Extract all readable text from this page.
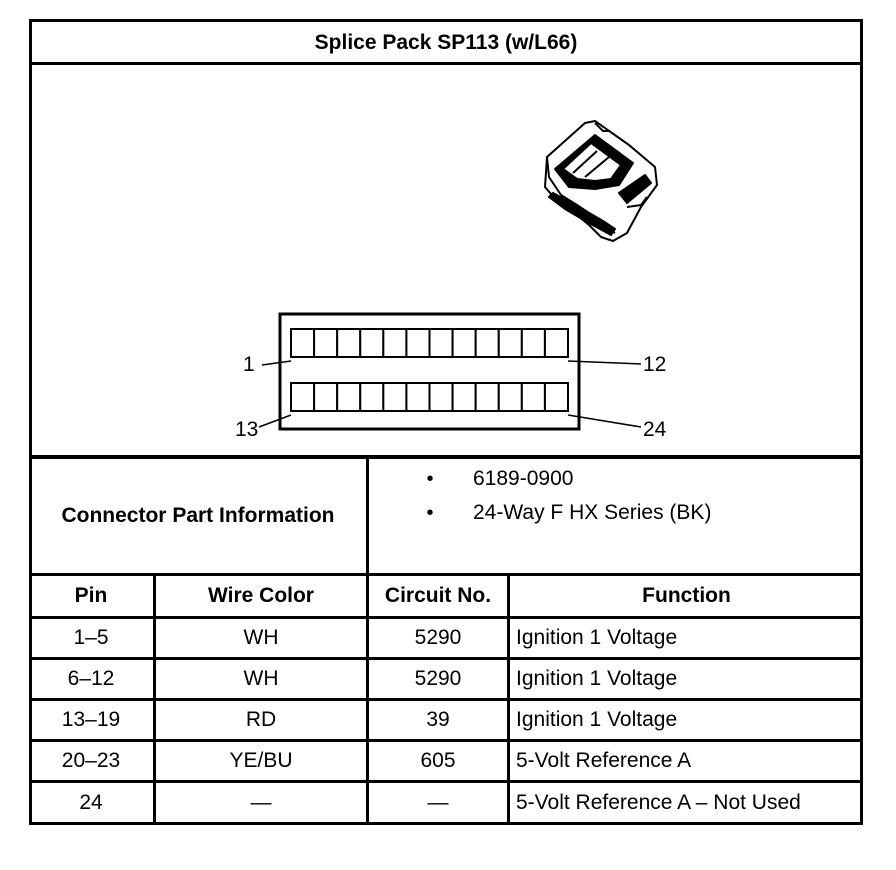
Splice Pack SP113 (w/L66)
1	12
13	24
Connector Part Information
•	6189-0900
•	24-Way F HX Series (BK)
Pin	Wire Color	Circuit No.	Function
1–5	WH	5290	Ignition 1 Voltage
6–12	WH	5290	Ignition 1 Voltage
13–19	RD	39	Ignition 1 Voltage
20–23	YE/BU	605	5-Volt Reference A
24	—	—	5-Volt Reference A – Not Used
